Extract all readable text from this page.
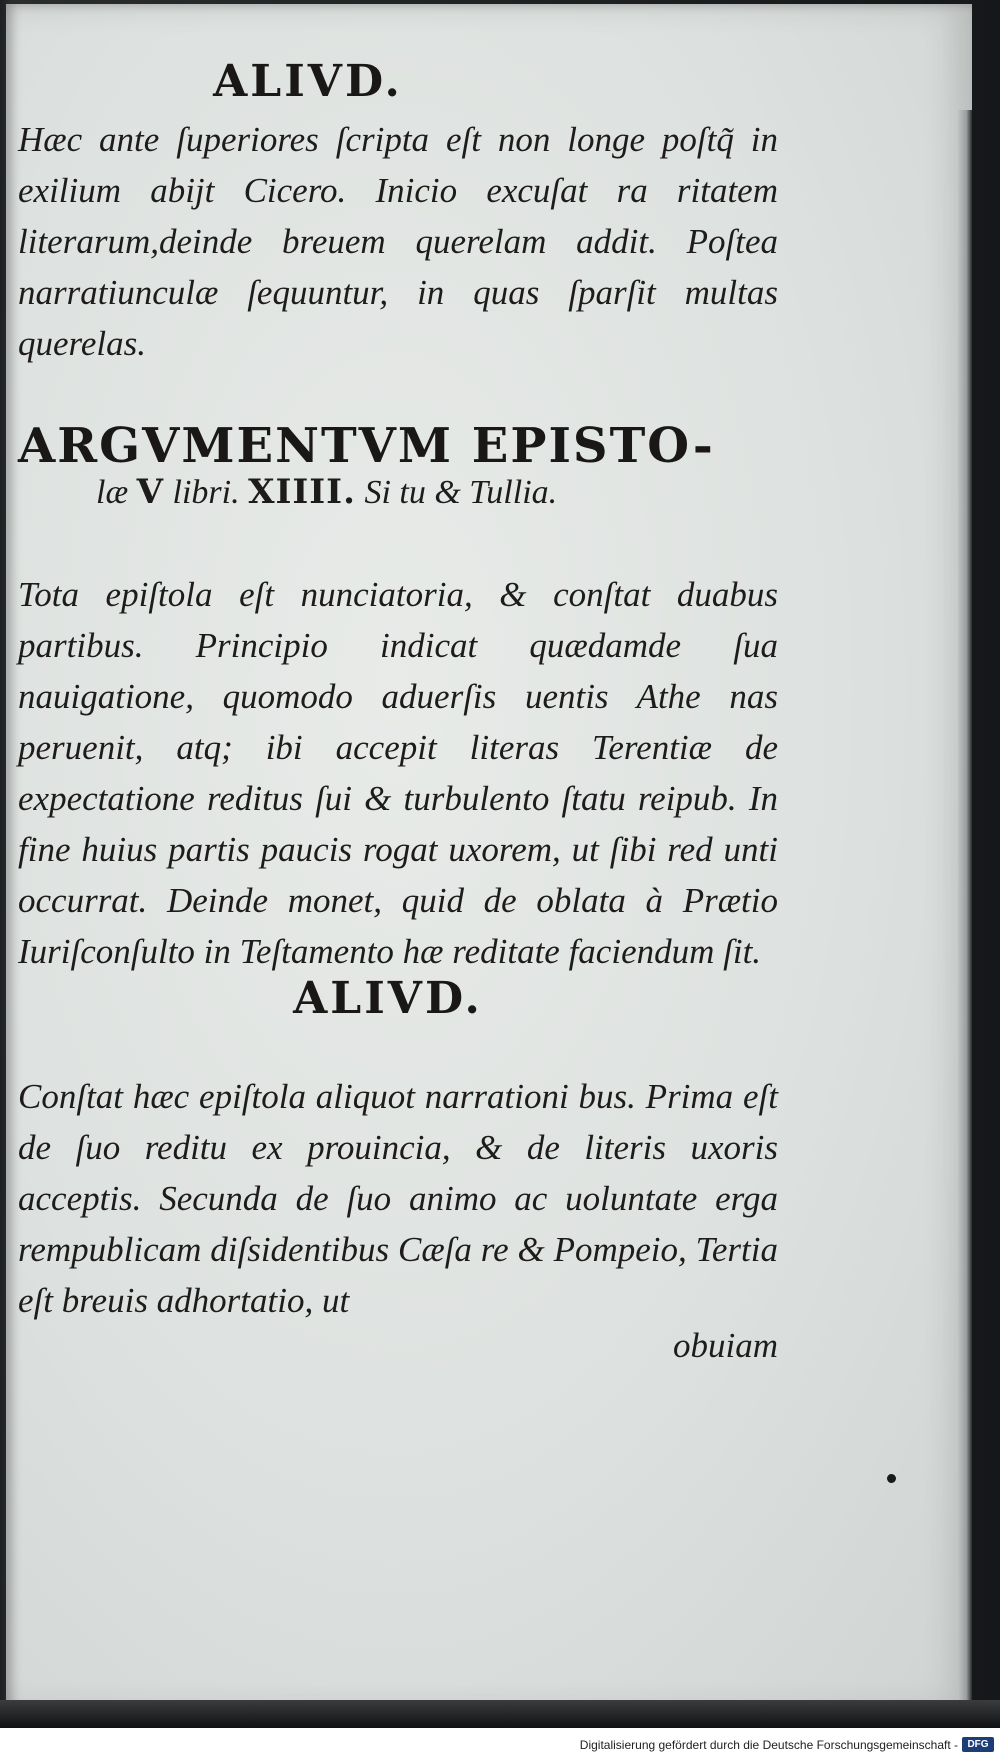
ALIVD.

Hæc ante ſuperiores ſcripta eſt non longe poſtq̃ in exilium abijt Cicero. Inicio excuſat ra ritatem literarum,deinde breuem querelam addit. Poſtea narratiunculæ ſequuntur, in quas ſparſit multas querelas.

ARGVMENTVM EPISTO-

læ V libri. XIIII. Si tu & Tullia.

Tota epiſtola eſt nunciatoria, & conſtat duabus partibus. Principio indicat quædamde ſua nauigatione, quomodo aduerſis uentis Athe nas peruenit, atq; ibi accepit literas Terentiæ de expectatione reditus ſui & turbulento ſtatu reipub. In fine huius partis paucis rogat uxorem, ut ſibi red unti occurrat. Deinde monet, quid de oblata à Prætio Iuriſconſulto in Teſtamento hæ reditate faciendum ſit.

ALIVD.

Conſtat hæc epiſtola aliquot narrationi bus. Prima eſt de ſuo reditu ex prouincia, & de literis uxoris acceptis. Secunda de ſuo animo ac uoluntate erga rempublicam diſsidentibus Cæſa re & Pompeio, Tertia eſt breuis adhortatio, ut

obuiam

Digitalisierung gefördert durch die Deutsche Forschungsgemeinschaft - DFG
